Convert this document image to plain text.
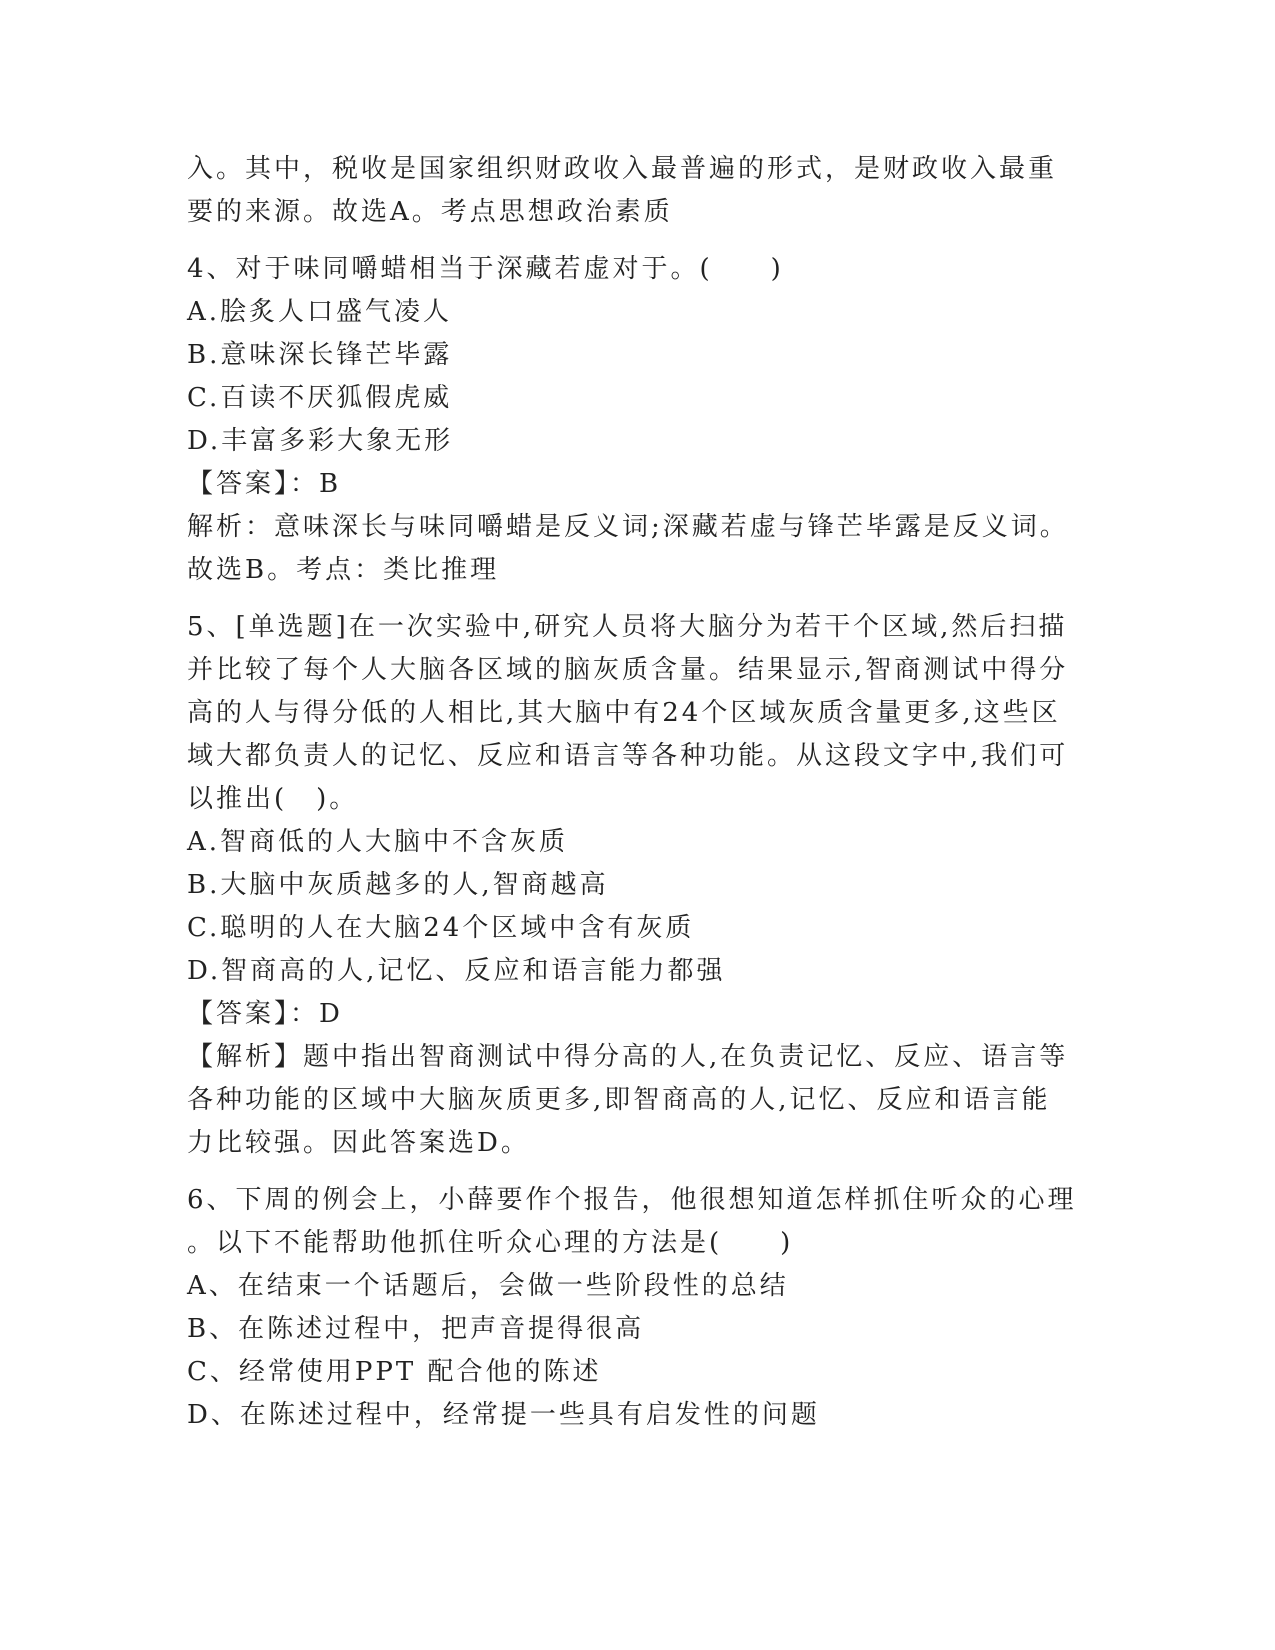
入。其中，税收是国家组织财政收入最普遍的形式，是财政收入最重
要的来源。故选A。考点思想政治素质
4、对于味同嚼蜡相当于深藏若虚对于。(　　)
A.脍炙人口盛气凌人
B.意味深长锋芒毕露
C.百读不厌狐假虎威
D.丰富多彩大象无形
【答案】：B
解析：意味深长与味同嚼蜡是反义词;深藏若虚与锋芒毕露是反义词。
故选B。考点：类比推理
5、[单选题]在一次实验中,研究人员将大脑分为若干个区域,然后扫描
并比较了每个人大脑各区域的脑灰质含量。结果显示,智商测试中得分
高的人与得分低的人相比,其大脑中有24个区域灰质含量更多,这些区
域大都负责人的记忆、反应和语言等各种功能。从这段文字中,我们可
以推出(　)。
A.智商低的人大脑中不含灰质
B.大脑中灰质越多的人,智商越高
C.聪明的人在大脑24个区域中含有灰质
D.智商高的人,记忆、反应和语言能力都强
【答案】：D
【解析】题中指出智商测试中得分高的人,在负责记忆、反应、语言等
各种功能的区域中大脑灰质更多,即智商高的人,记忆、反应和语言能
力比较强。因此答案选D。
6、下周的例会上，小薛要作个报告，他很想知道怎样抓住听众的心理
。以下不能帮助他抓住听众心理的方法是(　　)
A、在结束一个话题后，会做一些阶段性的总结
B、在陈述过程中，把声音提得很高
C、经常使用PPT 配合他的陈述
D、在陈述过程中，经常提一些具有启发性的问题
